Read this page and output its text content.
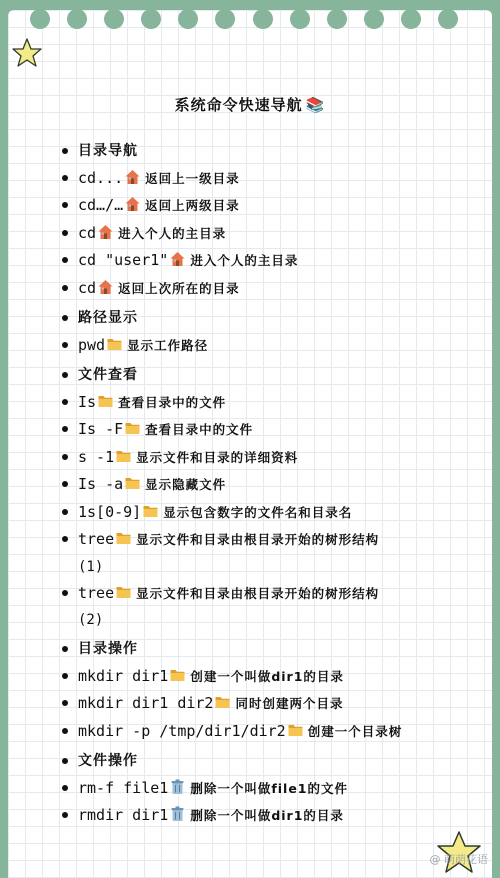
系统命令快速导航 📚
目录导航
cd... 返回上一级目录
cd…/… 返回上两级目录
cd 进入个人的主目录
cd "user1" 进入个人的主目录
cd 返回上次所在的目录
路径显示
pwd 显示工作路径
文件查看
Is 查看目录中的文件
Is -F 查看目录中的文件
s -1 显示文件和目录的详细资料
Is -a 显示隐藏文件
1s[0-9] 显示包含数字的文件名和目录名
tree 显示文件和目录由根目录开始的树形结构
(1)
tree 显示文件和目录由根目录开始的树形结构
(2)
目录操作
mkdir dir1 创建一个叫做dir1的目录
mkdir dir1 dir2 同时创建两个目录
mkdir -p /tmp/dir1/dir2 创建一个目录树
文件操作
rm-f file1 删除一个叫做file1的文件
rmdir dir1 删除一个叫做dir1的目录
@ 萌萌花语
